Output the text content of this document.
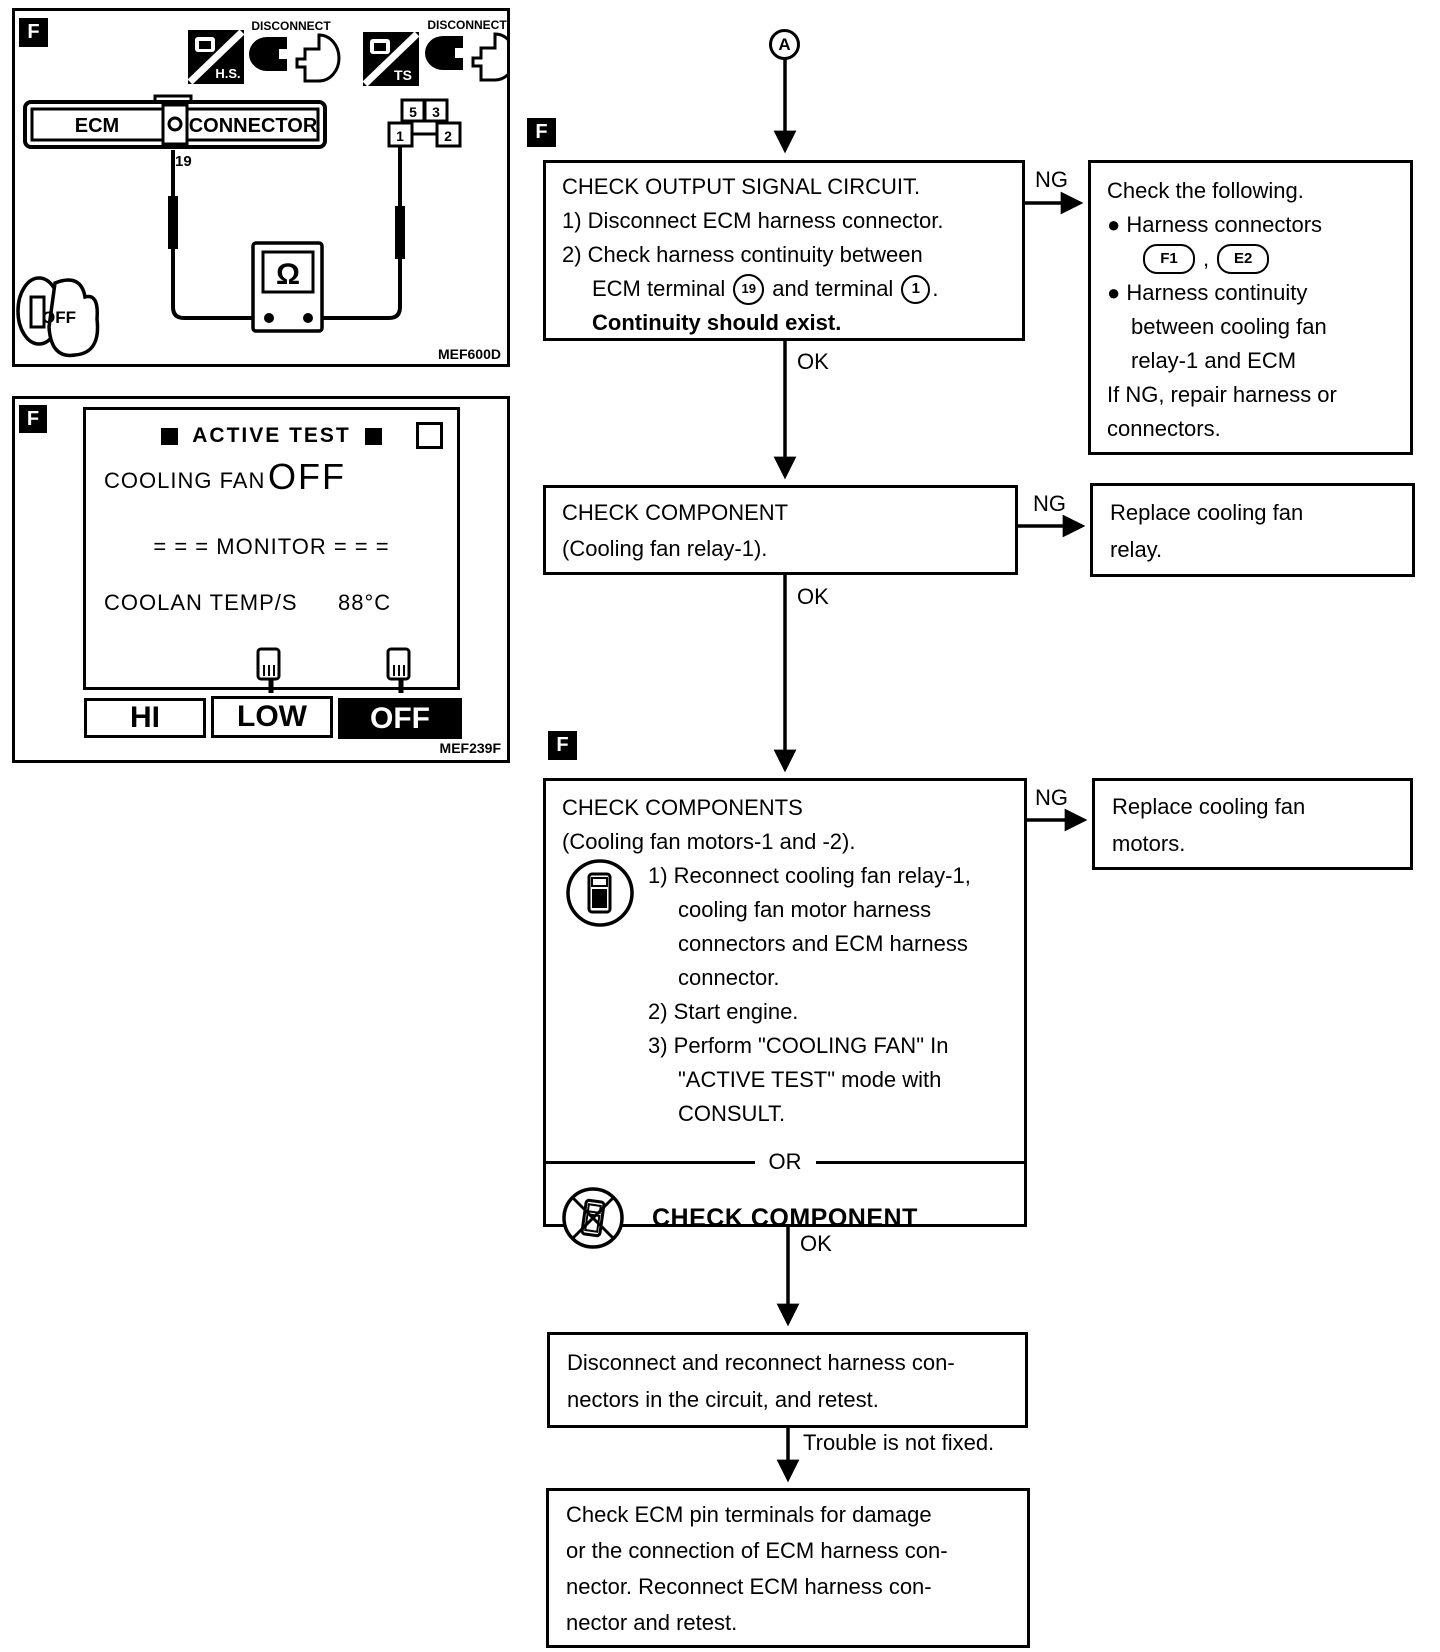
F
H.S.
DISCONNECT
TS
DISCONNECT
ECM	CONNECTOR
19
5 3
1	2
Ω
OFF
MEF600D
F
ACTIVE TEST
COOLING FAN OFF
= = = MONITOR = = =
COOLAN TEMP/S 88°C
HI	LOW	OFF
MEF239F
A
F
CHECK OUTPUT SIGNAL CIRCUIT.
1) Disconnect ECM harness connector.
2) Check harness continuity between
ECM terminal	19 and terminal	1 .
Continuity should exist.
NG Check the following.
● Harness connectors
F1	,	E2
● Harness continuity
between cooling fan
relay-1 and ECM
If NG, repair harness or
connectors.
OK
CHECK COMPONENT
(Cooling fan relay-1).
NG Replace cooling fan
relay.
OK
F
CHECK COMPONENTS
(Cooling fan motors-1 and -2).
1) Reconnect cooling fan relay-1,
cooling fan motor harness
connectors and ECM harness
connector.
2) Start engine.
3) Perform "COOLING FAN" In
"ACTIVE TEST" mode with
CONSULT.
OR
CHECK COMPONENT
NG Replace cooling fan
motors.
OK
Disconnect and reconnect harness con-
nectors in the circuit, and retest.
Trouble is not fixed.
Check ECM pin terminals for damage
or the connection of ECM harness con-
nector. Reconnect ECM harness con-
nector and retest.
